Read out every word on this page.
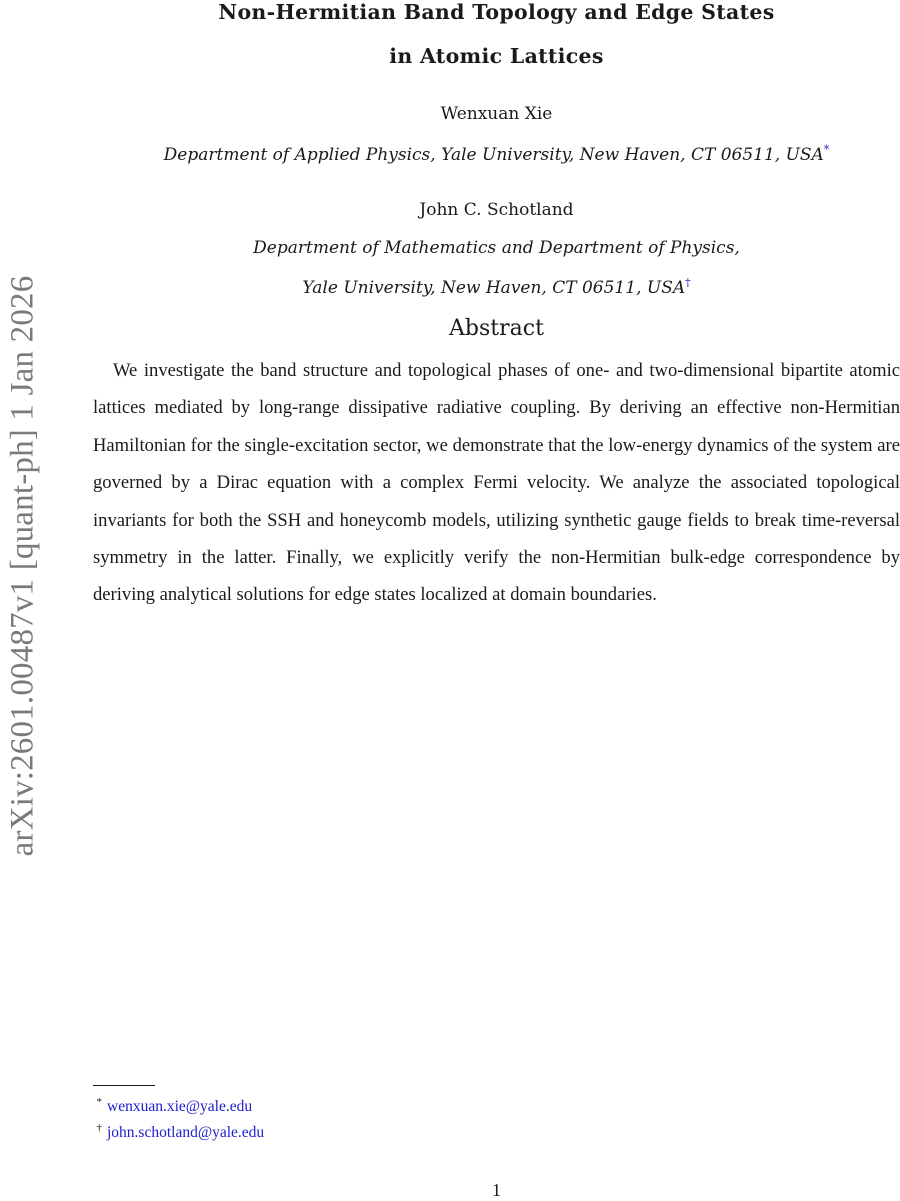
arXiv:2601.00487v1 [quant-ph] 1 Jan 2026
Non-Hermitian Band Topology and Edge States
in Atomic Lattices
Wenxuan Xie
Department of Applied Physics, Yale University, New Haven, CT 06511, USA*
John C. Schotland
Department of Mathematics and Department of Physics,
Yale University, New Haven, CT 06511, USA†
Abstract

We investigate the band structure and topological phases of one- and two-dimensional bipartite atomic lattices mediated by long-range dissipative radiative coupling. By deriving an effective non-Hermitian Hamiltonian for the single-excitation sector, we demonstrate that the low-energy dynamics of the system are governed by a Dirac equation with a complex Fermi velocity. We analyze the associated topological invariants for both the SSH and honeycomb models, utilizing synthetic gauge fields to break time-reversal symmetry in the latter. Finally, we explicitly verify the non-Hermitian bulk-edge correspondence by deriving analytical solutions for edge states localized at domain boundaries.

* wenxuan.xie@yale.edu
† john.schotland@yale.edu
1
